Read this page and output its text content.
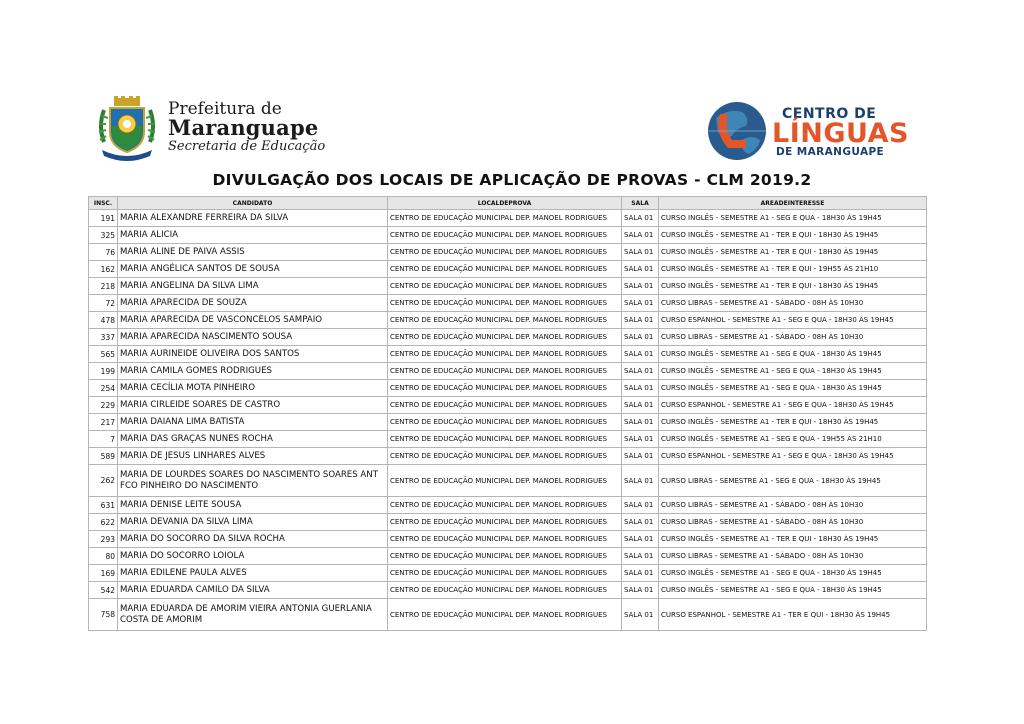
Prefeitura de
Maranguape
Secretaria de Educação
CENTRO DE
LÍNGUAS
DE MARANGUAPE
DIVULGAÇÃO DOS LOCAIS DE APLICAÇÃO DE PROVAS - CLM 2019.2
INSC.	CANDIDATO	LOCALDEPROVA	SALA	AREADEINTERESSE
191	MARIA ALEXANDRE FERREIRA DA SILVA	CENTRO DE EDUCAÇÃO MUNICIPAL DEP. MANOEL RODRIGUES	SALA 01	CURSO INGLÊS - SEMESTRE A1 - SEG E QUA - 18H30 ÀS 19H45
325	MARIA ALICIA	CENTRO DE EDUCAÇÃO MUNICIPAL DEP. MANOEL RODRIGUES	SALA 01	CURSO INGLÊS - SEMESTRE A1 - TER E QUI - 18H30 ÀS 19H45
76	MARIA ALINE DE PAIVA ASSIS	CENTRO DE EDUCAÇÃO MUNICIPAL DEP. MANOEL RODRIGUES	SALA 01	CURSO INGLÊS - SEMESTRE A1 - TER E QUI - 18H30 ÀS 19H45
162	MARIA ANGÉLICA SANTOS DE SOUSA	CENTRO DE EDUCAÇÃO MUNICIPAL DEP. MANOEL RODRIGUES	SALA 01	CURSO INGLÊS - SEMESTRE A1 - TER E QUI - 19H55 ÀS 21H10
218	MARIA ANGELINA DA SILVA LIMA	CENTRO DE EDUCAÇÃO MUNICIPAL DEP. MANOEL RODRIGUES	SALA 01	CURSO INGLÊS - SEMESTRE A1 - TER E QUI - 18H30 ÀS 19H45
72	MARIA APARECIDA DE SOUZA	CENTRO DE EDUCAÇÃO MUNICIPAL DEP. MANOEL RODRIGUES	SALA 01	CURSO LIBRAS - SEMESTRE A1 - SÁBADO - 08H ÀS 10H30
478	MARIA APARECIDA DE VASCONCELOS SAMPAIO	CENTRO DE EDUCAÇÃO MUNICIPAL DEP. MANOEL RODRIGUES	SALA 01	CURSO ESPANHOL - SEMESTRE A1 - SEG E QUA - 18H30 ÀS 19H45
337	MARIA APARECIDA NASCIMENTO SOUSA	CENTRO DE EDUCAÇÃO MUNICIPAL DEP. MANOEL RODRIGUES	SALA 01	CURSO LIBRAS - SEMESTRE A1 - SÁBADO - 08H ÀS 10H30
565	MARIA AURINEIDE OLIVEIRA DOS SANTOS	CENTRO DE EDUCAÇÃO MUNICIPAL DEP. MANOEL RODRIGUES	SALA 01	CURSO INGLÊS - SEMESTRE A1 - SEG E QUA - 18H30 ÀS 19H45
199	MARIA CAMILA GOMES RODRIGUES	CENTRO DE EDUCAÇÃO MUNICIPAL DEP. MANOEL RODRIGUES	SALA 01	CURSO INGLÊS - SEMESTRE A1 - SEG E QUA - 18H30 ÀS 19H45
254	MARIA CECÍLIA MOTA PINHEIRO	CENTRO DE EDUCAÇÃO MUNICIPAL DEP. MANOEL RODRIGUES	SALA 01	CURSO INGLÊS - SEMESTRE A1 - SEG E QUA - 18H30 ÀS 19H45
229	MARIA CIRLEIDE SOARES DE CASTRO	CENTRO DE EDUCAÇÃO MUNICIPAL DEP. MANOEL RODRIGUES	SALA 01	CURSO ESPANHOL - SEMESTRE A1 - SEG E QUA - 18H30 ÀS 19H45
217	MARIA DAIANA LIMA BATISTA	CENTRO DE EDUCAÇÃO MUNICIPAL DEP. MANOEL RODRIGUES	SALA 01	CURSO INGLÊS - SEMESTRE A1 - TER E QUI - 18H30 ÀS 19H45
7	MARIA DAS GRAÇAS NUNES ROCHA	CENTRO DE EDUCAÇÃO MUNICIPAL DEP. MANOEL RODRIGUES	SALA 01	CURSO INGLÊS - SEMESTRE A1 - SEG E QUA - 19H55 ÀS 21H10
589	MARIA DE JESUS LINHARES ALVES	CENTRO DE EDUCAÇÃO MUNICIPAL DEP. MANOEL RODRIGUES	SALA 01	CURSO ESPANHOL - SEMESTRE A1 - SEG E QUA - 18H30 ÀS 19H45
262	MARIA DE LOURDES SOARES DO NASCIMENTO SOARES ANT FCO PINHEIRO DO NASCIMENTO	CENTRO DE EDUCAÇÃO MUNICIPAL DEP. MANOEL RODRIGUES	SALA 01	CURSO LIBRAS - SEMESTRE A1 - SEG E QUA - 18H30 ÀS 19H45
631	MARIA DENISE LEITE SOUSA	CENTRO DE EDUCAÇÃO MUNICIPAL DEP. MANOEL RODRIGUES	SALA 01	CURSO LIBRAS - SEMESTRE A1 - SÁBADO - 08H ÀS 10H30
622	MARIA DEVANIA DA SILVA LIMA	CENTRO DE EDUCAÇÃO MUNICIPAL DEP. MANOEL RODRIGUES	SALA 01	CURSO LIBRAS - SEMESTRE A1 - SÁBADO - 08H ÀS 10H30
293	MARIA DO SOCORRO DA SILVA ROCHA	CENTRO DE EDUCAÇÃO MUNICIPAL DEP. MANOEL RODRIGUES	SALA 01	CURSO INGLÊS - SEMESTRE A1 - TER E QUI - 18H30 ÀS 19H45
80	MARIA DO SOCORRO LOIOLA	CENTRO DE EDUCAÇÃO MUNICIPAL DEP. MANOEL RODRIGUES	SALA 01	CURSO LIBRAS - SEMESTRE A1 - SÁBADO - 08H ÀS 10H30
169	MARIA EDILENE PAULA ALVES	CENTRO DE EDUCAÇÃO MUNICIPAL DEP. MANOEL RODRIGUES	SALA 01	CURSO INGLÊS - SEMESTRE A1 - SEG E QUA - 18H30 ÀS 19H45
542	MARIA EDUARDA CAMILO DA SILVA	CENTRO DE EDUCAÇÃO MUNICIPAL DEP. MANOEL RODRIGUES	SALA 01	CURSO INGLÊS - SEMESTRE A1 - SEG E QUA - 18H30 ÀS 19H45
758	MARIA EDUARDA DE AMORIM VIEIRA ANTONIA GUERLANIA COSTA DE AMORIM	CENTRO DE EDUCAÇÃO MUNICIPAL DEP. MANOEL RODRIGUES	SALA 01	CURSO ESPANHOL - SEMESTRE A1 - TER E QUI - 18H30 ÀS 19H45
